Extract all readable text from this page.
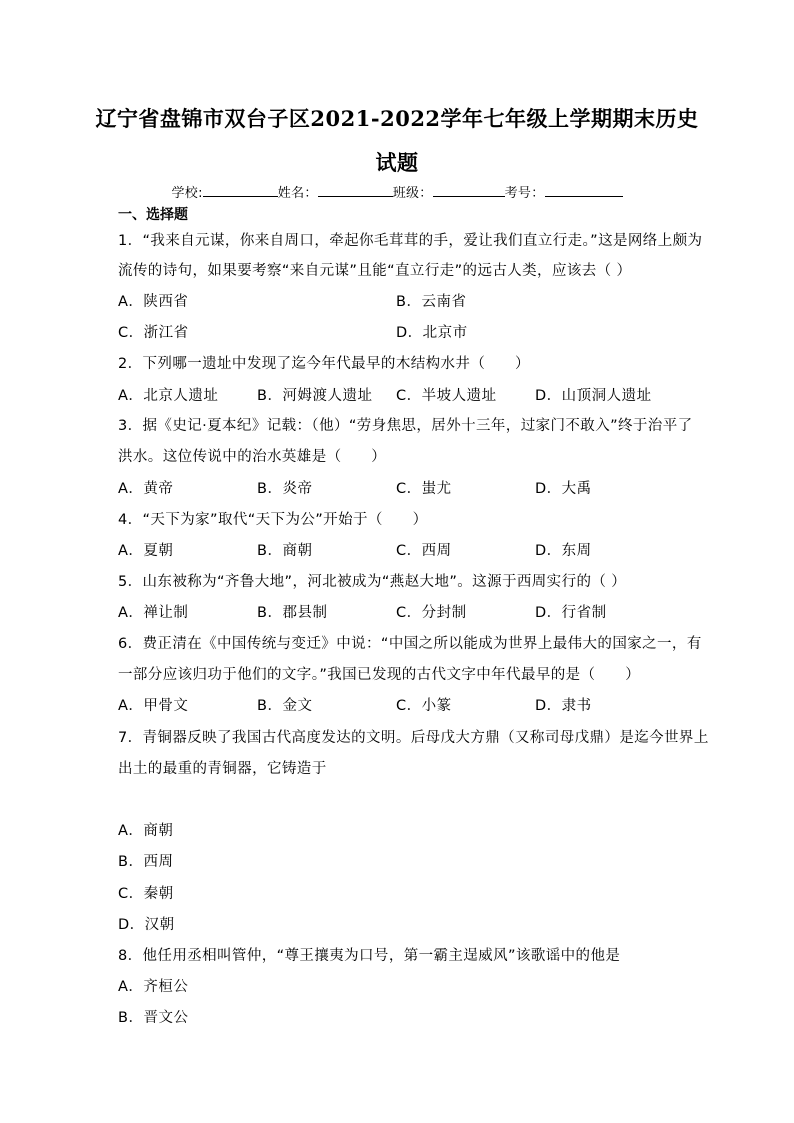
辽宁省盘锦市双台子区2021-2022学年七年级上学期期末历史
试题
学校:	姓名：	班级：	考号：
一、选择题
1．“我来自元谋，你来自周口，牵起你毛茸茸的手，爱让我们直立行走。”这是网络上颇为
流传的诗句，如果要考察“来自元谋”且能“直立行走”的远古人类，应该去（ ）
A．陕西省	B．云南省
C．浙江省	D．北京市
2．下列哪一遗址中发现了迄今年代最早的木结构水井（　　）
A．北京人遗址	B．河姆渡人遗址 C．半坡人遗址	D．山顶洞人遗址
3．据《史记·夏本纪》记载：（他）“劳身焦思，居外十三年，过家门不敢入”终于治平了
洪水。这位传说中的治水英雄是（　　）
A．黄帝	B．炎帝	C．蚩尤	D．大禹
4．“天下为家”取代“天下为公”开始于（　　）
A．夏朝	B．商朝	C．西周	D．东周
5．山东被称为“齐鲁大地”，河北被成为“燕赵大地”。这源于西周实行的（ ）
A．禅让制	B．郡县制	C．分封制	D．行省制
6．费正清在《中国传统与变迁》中说：“中国之所以能成为世界上最伟大的国家之一，有
一部分应该归功于他们的文字。”我国已发现的古代文字中年代最早的是（　　）
A．甲骨文	B．金文	C．小篆	D．隶书
7．青铜器反映了我国古代高度发达的文明。后母戊大方鼎（又称司母戊鼎）是迄今世界上
出土的最重的青铜器，它铸造于
A．商朝
B．西周
C．秦朝
D．汉朝
8．他任用丞相叫管仲，“尊王攘夷为口号，第一霸主逞威风”该歌谣中的他是
A．齐桓公
B．晋文公
